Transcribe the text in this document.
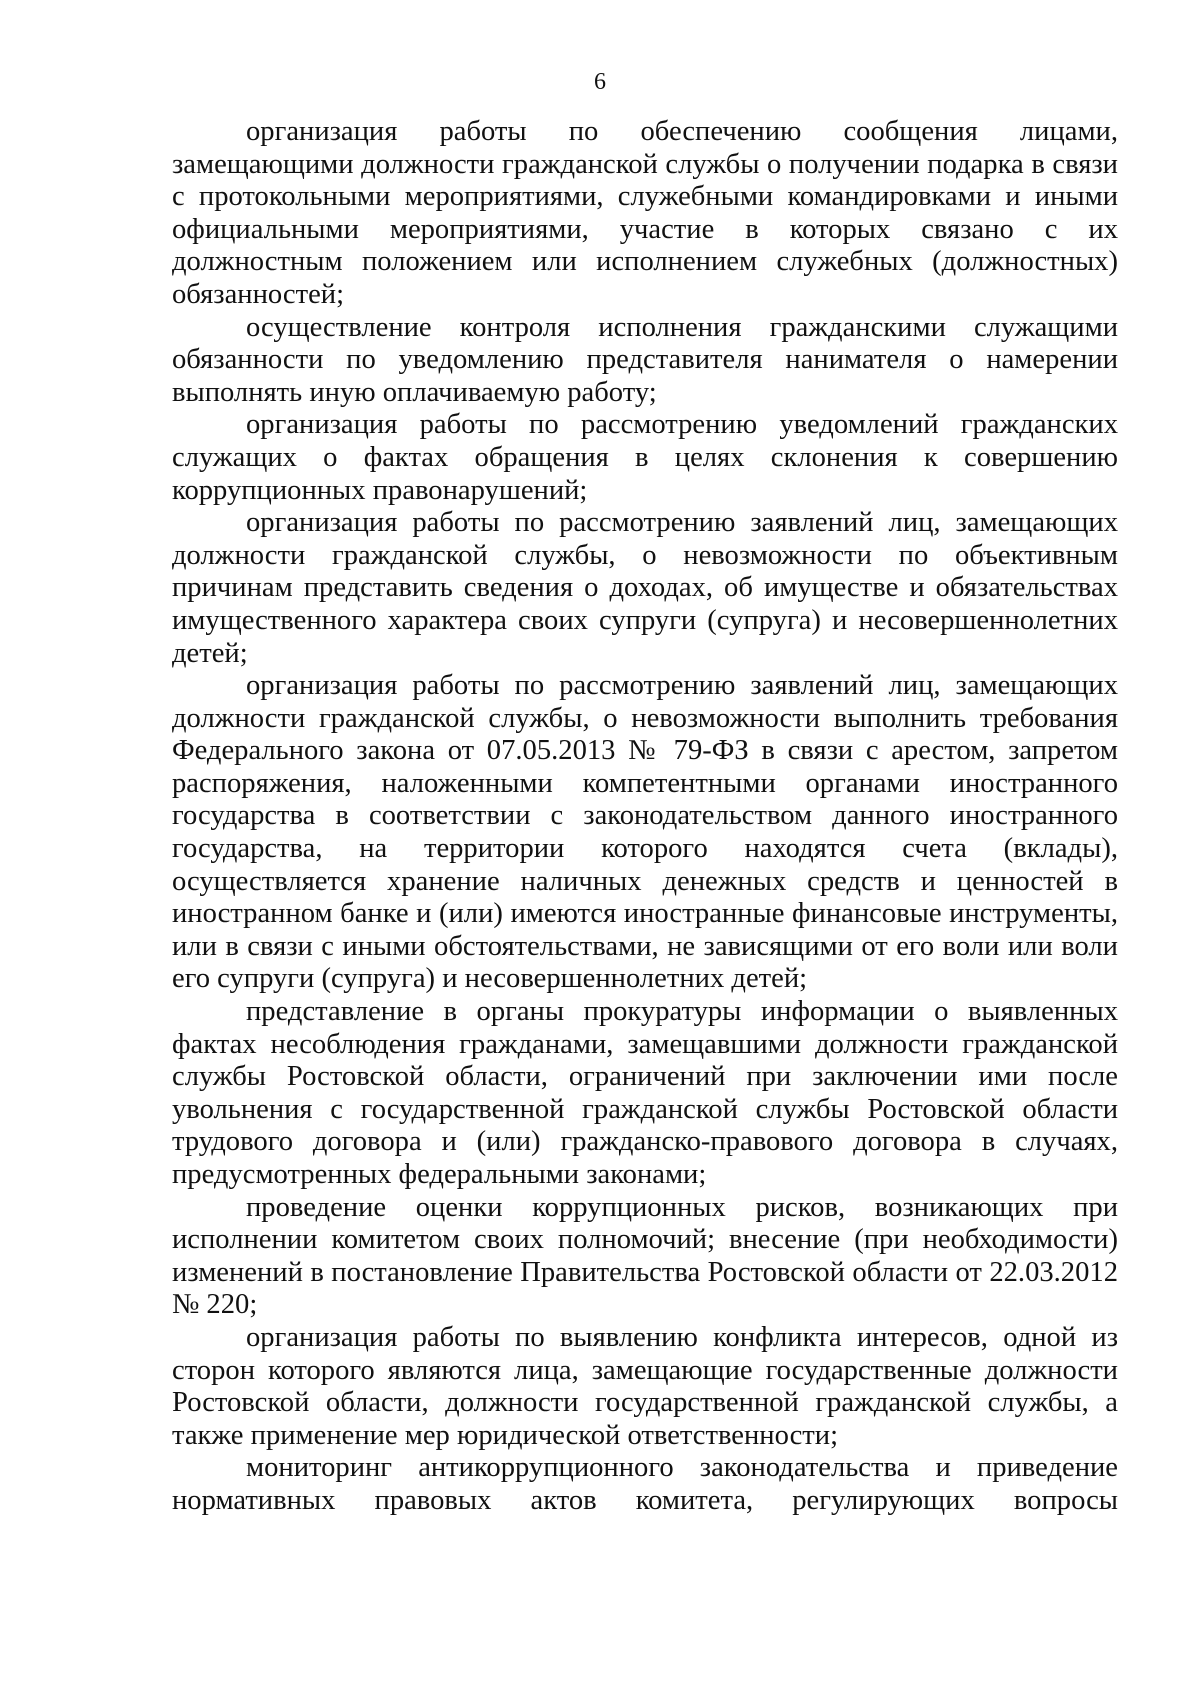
6

организация работы по обеспечению сообщения лицами, замещающими должности гражданской службы о получении подарка в связи с протокольными мероприятиями, служебными командировками и иными официальными мероприятиями, участие в которых связано с их должностным положением или исполнением служебных (должностных) обязанностей;

осуществление контроля исполнения гражданскими служащими обязанности по уведомлению представителя нанимателя о намерении выполнять иную оплачиваемую работу;

организация работы по рассмотрению уведомлений гражданских служащих о фактах обращения в целях склонения к совершению коррупционных правонарушений;

организация работы по рассмотрению заявлений лиц, замещающих должности гражданской службы, о невозможности по объективным причинам представить сведения о доходах, об имуществе и обязательствах имущественного характера своих супруги (супруга) и несовершеннолетних детей;

организация работы по рассмотрению заявлений лиц, замещающих должности гражданской службы, о невозможности выполнить требования Федерального закона от 07.05.2013 № 79-ФЗ в связи с арестом, запретом распоряжения, наложенными компетентными органами иностранного государства в соответствии с законодательством данного иностранного государства, на территории которого находятся счета (вклады), осуществляется хранение наличных денежных средств и ценностей в иностранном банке и (или) имеются иностранные финансовые инструменты, или в связи с иными обстоятельствами, не зависящими от его воли или воли его супруги (супруга) и несовершеннолетних детей;

представление в органы прокуратуры информации о выявленных фактах несоблюдения гражданами, замещавшими должности гражданской службы Ростовской области, ограничений при заключении ими после увольнения с государственной гражданской службы Ростовской области трудового договора и (или) гражданско-правового договора в случаях, предусмотренных федеральными законами;

проведение оценки коррупционных рисков, возникающих при исполнении комитетом своих полномочий; внесение (при необходимости) изменений в постановление Правительства Ростовской области от 22.03.2012 № 220;

организация работы по выявлению конфликта интересов, одной из сторон которого являются лица, замещающие государственные должности Ростовской области, должности государственной гражданской службы, а также применение мер юридической ответственности;

мониторинг антикоррупционного законодательства и приведение нормативных правовых актов комитета, регулирующих вопросы
